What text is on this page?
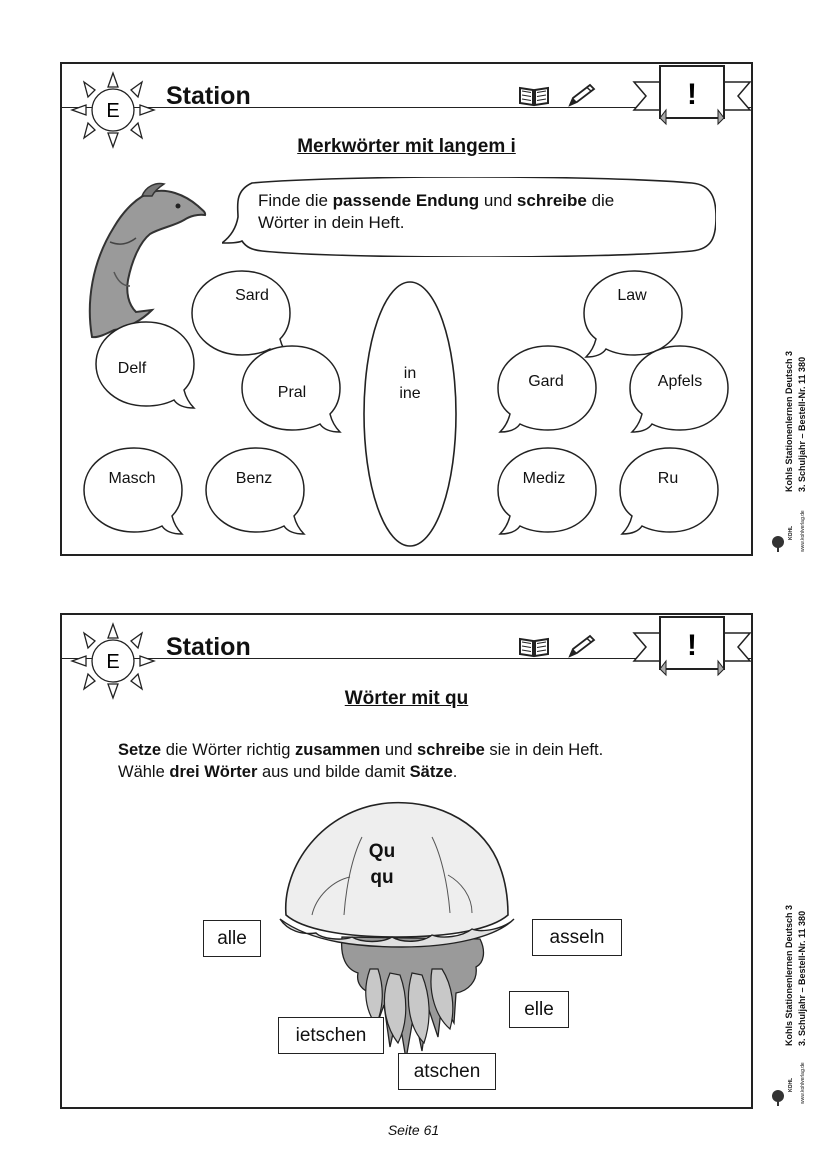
E
Station	!
Merkwörter mit langem i
Finde die passende Endung und schreibe die
Wörter in dein Heft.
Sard
Delf
Pral
Masch	Benz
in
ine
Law
Gard	Apfels
Mediz	Ru	Kohls Stationenlernen Deutsch 3 3. Schuljahr – Bestell-Nr. 11 380
KOHL	www.kohlverlag.de
E
Station	!
Wörter mit qu
Setze die Wörter richtig zusammen und schreibe sie in dein Heft.
Wähle drei Wörter aus und bilde damit Sätze.
Qu
qu
alle	asseln
elle
ietschen
atschen
Kohls Stationenlernen Deutsch 3 3. Schuljahr – Bestell-Nr. 11 380
KOHL	www.kohlverlag.de
Seite 61
